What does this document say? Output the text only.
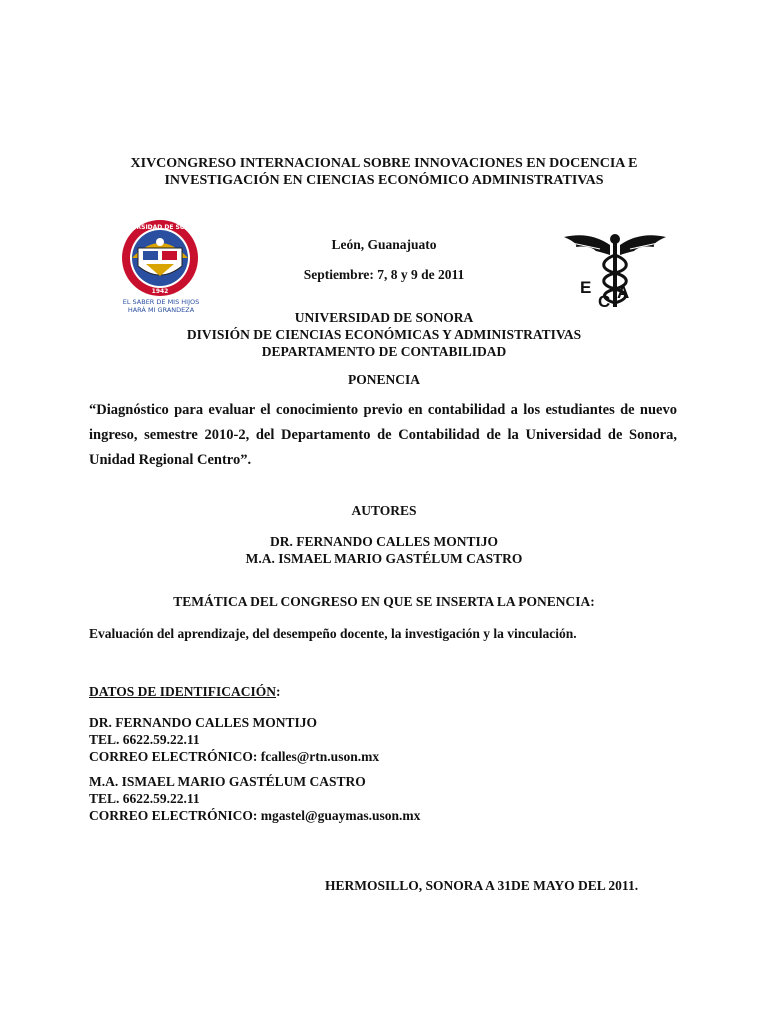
XIVCONGRESO INTERNACIONAL SOBRE INNOVACIONES EN DOCENCIA E
INVESTIGACIÓN EN CIENCIAS ECONÓMICO ADMINISTRATIVAS
UNIVERSIDAD DE SONORA
1942
EL SABER DE MIS HIJOS
HARÁ MI GRANDEZA
León, Guanajuato
Septiembre: 7, 8 y 9 de 2011
E A
C
UNIVERSIDAD DE SONORA
DIVISIÓN DE CIENCIAS ECONÓMICAS Y ADMINISTRATIVAS
DEPARTAMENTO DE CONTABILIDAD
PONENCIA
“Diagnóstico para evaluar el conocimiento previo en contabilidad a los estudiantes de nuevo ingreso, semestre 2010-2, del Departamento de Contabilidad de la Universidad de Sonora, Unidad Regional Centro”.
AUTORES
DR. FERNANDO CALLES MONTIJO
M.A. ISMAEL MARIO GASTÉLUM CASTRO
TEMÁTICA DEL CONGRESO EN QUE SE INSERTA LA PONENCIA:
Evaluación del aprendizaje, del desempeño docente, la investigación y la vinculación.
DATOS DE IDENTIFICACIÓN:
DR. FERNANDO CALLES MONTIJO
TEL. 6622.59.22.11
CORREO ELECTRÓNICO: fcalles@rtn.uson.mx
M.A. ISMAEL MARIO GASTÉLUM CASTRO
TEL. 6622.59.22.11
CORREO ELECTRÓNICO: mgastel@guaymas.uson.mx
HERMOSILLO, SONORA A 31DE MAYO DEL 2011.
